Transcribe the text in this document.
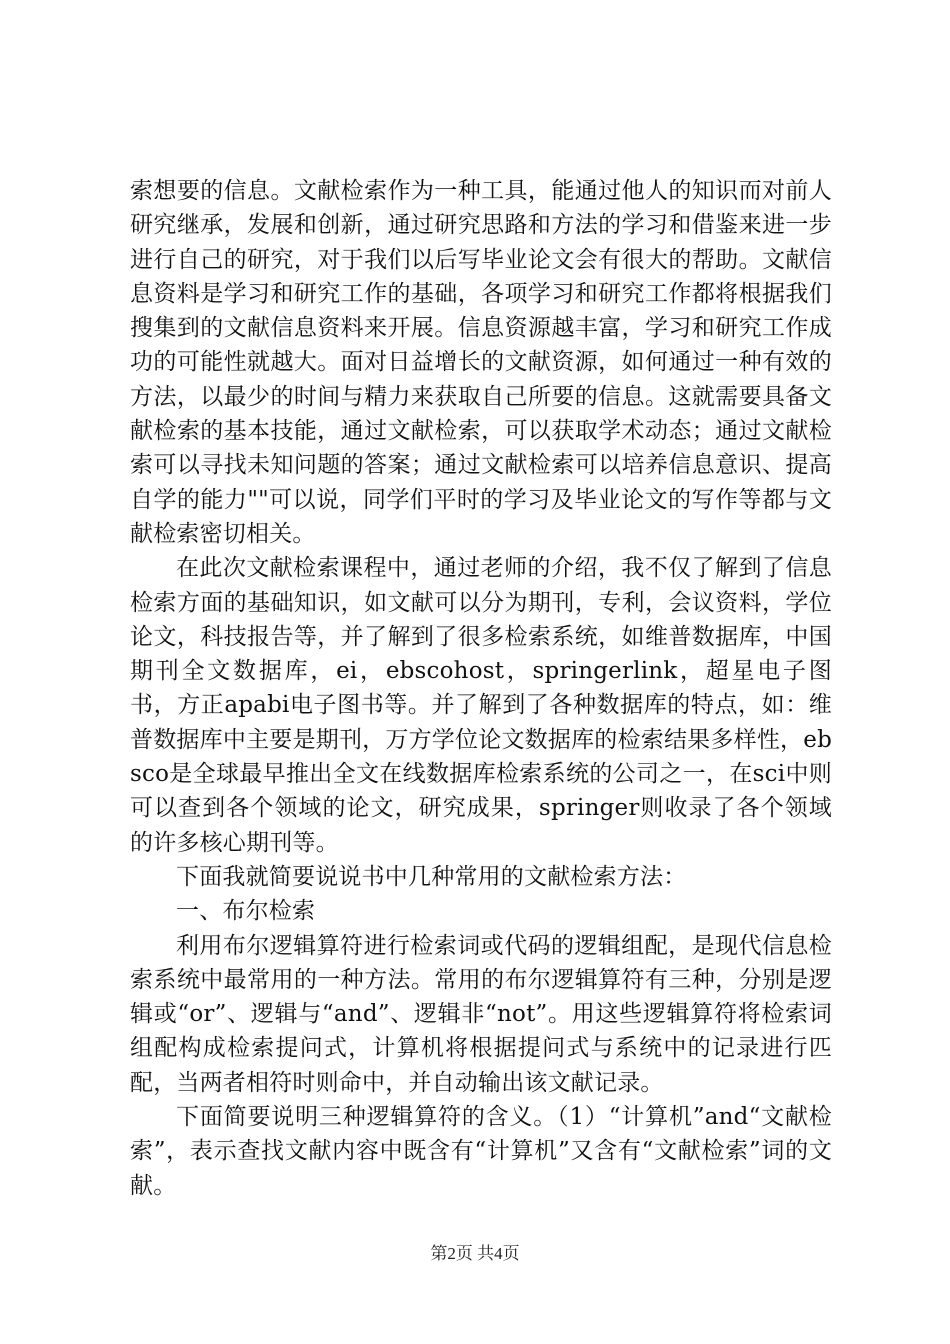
索想要的信息。文献检索作为一种工具，能通过他人的知识而对前人研究继承，发展和创新，通过研究思路和方法的学习和借鉴来进一步进行自己的研究，对于我们以后写毕业论文会有很大的帮助。文献信息资料是学习和研究工作的基础，各项学习和研究工作都将根据我们搜集到的文献信息资料来开展。信息资源越丰富，学习和研究工作成功的可能性就越大。面对日益增长的文献资源，如何通过一种有效的方法，以最少的时间与精力来获取自己所要的信息。这就需要具备文献检索的基本技能，通过文献检索，可以获取学术动态；通过文献检索可以寻找未知问题的答案；通过文献检索可以培养信息意识、提高自学的能力""可以说，同学们平时的学习及毕业论文的写作等都与文献检索密切相关。

在此次文献检索课程中，通过老师的介绍，我不仅了解到了信息检索方面的基础知识，如文献可以分为期刊，专利，会议资料，学位论文，科技报告等，并了解到了很多检索系统，如维普数据库，中国期刊全文数据库，ei，ebscohost，springerlink，超星电子图书，方正apabi电子图书等。并了解到了各种数据库的特点，如：维普数据库中主要是期刊，万方学位论文数据库的检索结果多样性，ebsco是全球最早推出全文在线数据库检索系统的公司之一，在sci中则可以查到各个领域的论文，研究成果，springer则收录了各个领域的许多核心期刊等。

下面我就简要说说书中几种常用的文献检索方法：

一、布尔检索

利用布尔逻辑算符进行检索词或代码的逻辑组配，是现代信息检索系统中最常用的一种方法。常用的布尔逻辑算符有三种，分别是逻辑或“or”、逻辑与“and”、逻辑非“not”。用这些逻辑算符将检索词组配构成检索提问式，计算机将根据提问式与系统中的记录进行匹配，当两者相符时则命中，并自动输出该文献记录。

下面简要说明三种逻辑算符的含义。（1）“计算机”and“文献检索”，表示查找文献内容中既含有“计算机”又含有“文献检索”词的文献。

第2页 共4页
